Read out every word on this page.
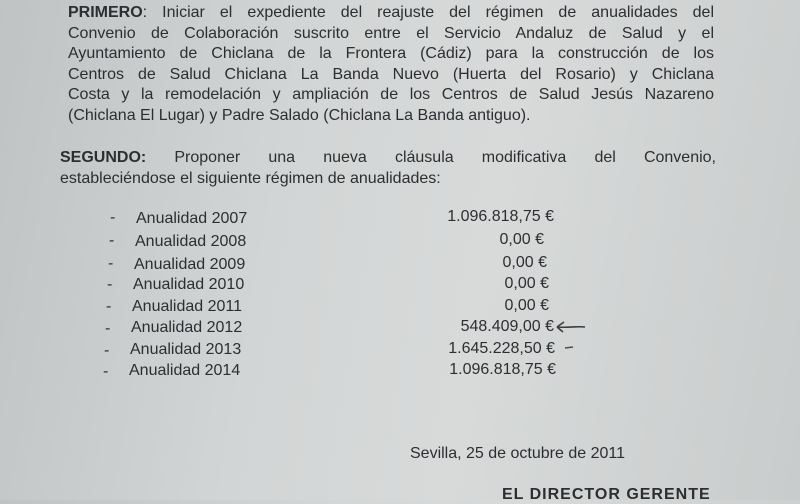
PRIMERO: Iniciar el expediente del reajuste del régimen de anualidades del
Convenio de Colaboración suscrito entre el Servicio Andaluz de Salud y el
Ayuntamiento de Chiclana de la Frontera (Cádiz) para la construcción de los
Centros de Salud Chiclana La Banda Nuevo (Huerta del Rosario) y Chiclana
Costa y la remodelación y ampliación de los Centros de Salud Jesús Nazareno
(Chiclana El Lugar) y Padre Salado (Chiclana La Banda antiguo).
SEGUNDO: Proponer una nueva cláusula modificativa del Convenio,
estableciéndose el siguiente régimen de anualidades:
- Anualidad 2007	1.096.818,75 €
- Anualidad 2008	0,00 €
- Anualidad 2009	0,00 €
- Anualidad 2010	0,00 €
- Anualidad 2011	0,00 €
- Anualidad 2012	548.409,00 €
- Anualidad 2013	1.645.228,50 €
- Anualidad 2014	1.096.818,75 €
Sevilla, 25 de octubre de 2011
EL DIRECTOR GERENTE
